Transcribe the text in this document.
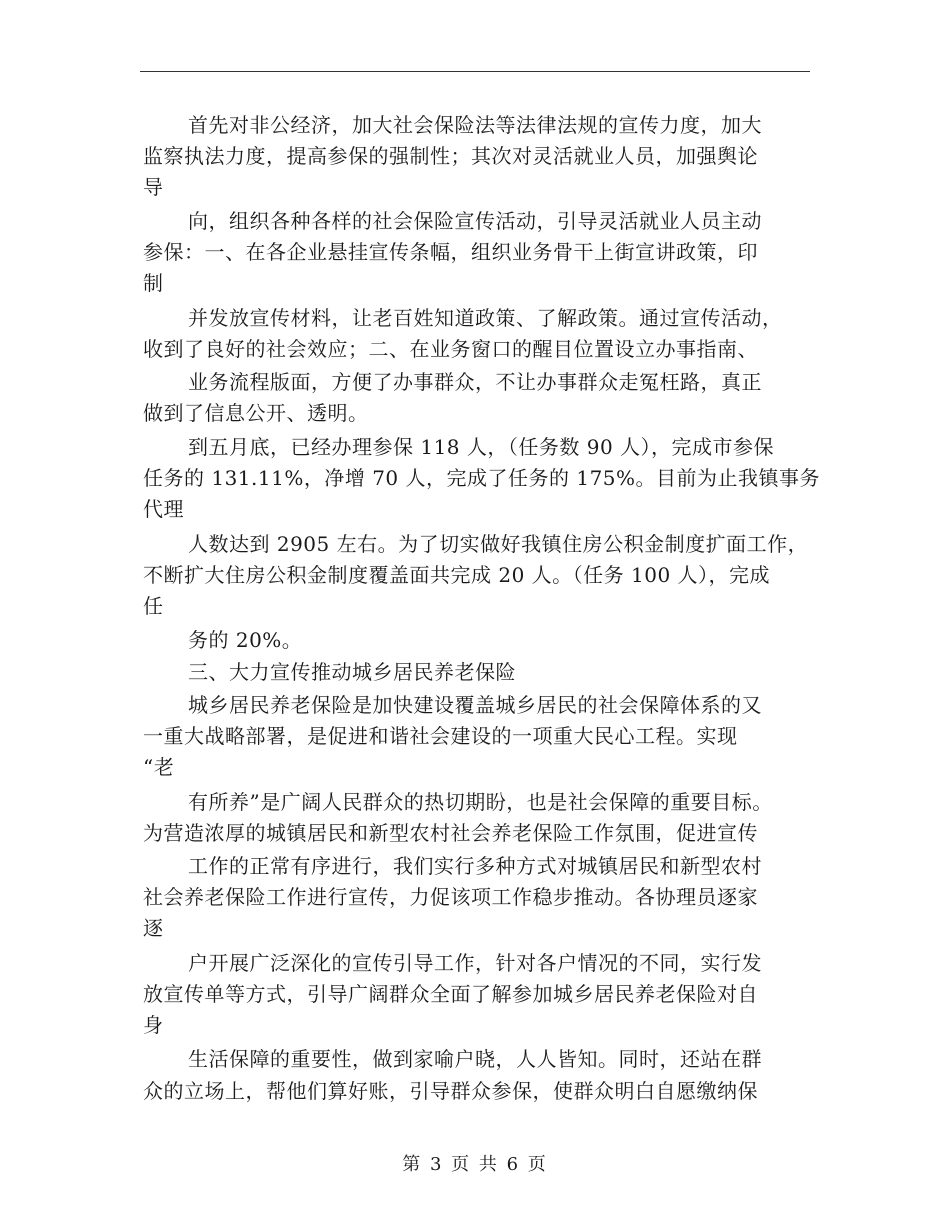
首先对非公经济，加大社会保险法等法律法规的宣传力度，加大
监察执法力度，提高参保的强制性；其次对灵活就业人员，加强舆论
导
向，组织各种各样的社会保险宣传活动，引导灵活就业人员主动
参保：一、在各企业悬挂宣传条幅，组织业务骨干上街宣讲政策，印
制
并发放宣传材料，让老百姓知道政策、了解政策。通过宣传活动，
收到了良好的社会效应；二、在业务窗口的醒目位置设立办事指南、
业务流程版面，方便了办事群众，不让办事群众走冤枉路，真正
做到了信息公开、透明。
到五月底，已经办理参保 118 人，（任务数 90 人），完成市参保
任务的 131.11%，净增 70 人，完成了任务的 175%。目前为止我镇事务
代理
人数达到 2905 左右。为了切实做好我镇住房公积金制度扩面工作，
不断扩大住房公积金制度覆盖面共完成 20 人。（任务 100 人），完成
任
务的 20%。
三、大力宣传推动城乡居民养老保险
城乡居民养老保险是加快建设覆盖城乡居民的社会保障体系的又
一重大战略部署，是促进和谐社会建设的一项重大民心工程。实现
“老
有所养”是广阔人民群众的热切期盼，也是社会保障的重要目标。
为营造浓厚的城镇居民和新型农村社会养老保险工作氛围，促进宣传
工作的正常有序进行，我们实行多种方式对城镇居民和新型农村
社会养老保险工作进行宣传，力促该项工作稳步推动。各协理员逐家
逐
户开展广泛深化的宣传引导工作，针对各户情况的不同，实行发
放宣传单等方式，引导广阔群众全面了解参加城乡居民养老保险对自
身
生活保障的重要性，做到家喻户晓，人人皆知。同时，还站在群
众的立场上，帮他们算好账，引导群众参保，使群众明白自愿缴纳保
第 3 页 共 6 页
